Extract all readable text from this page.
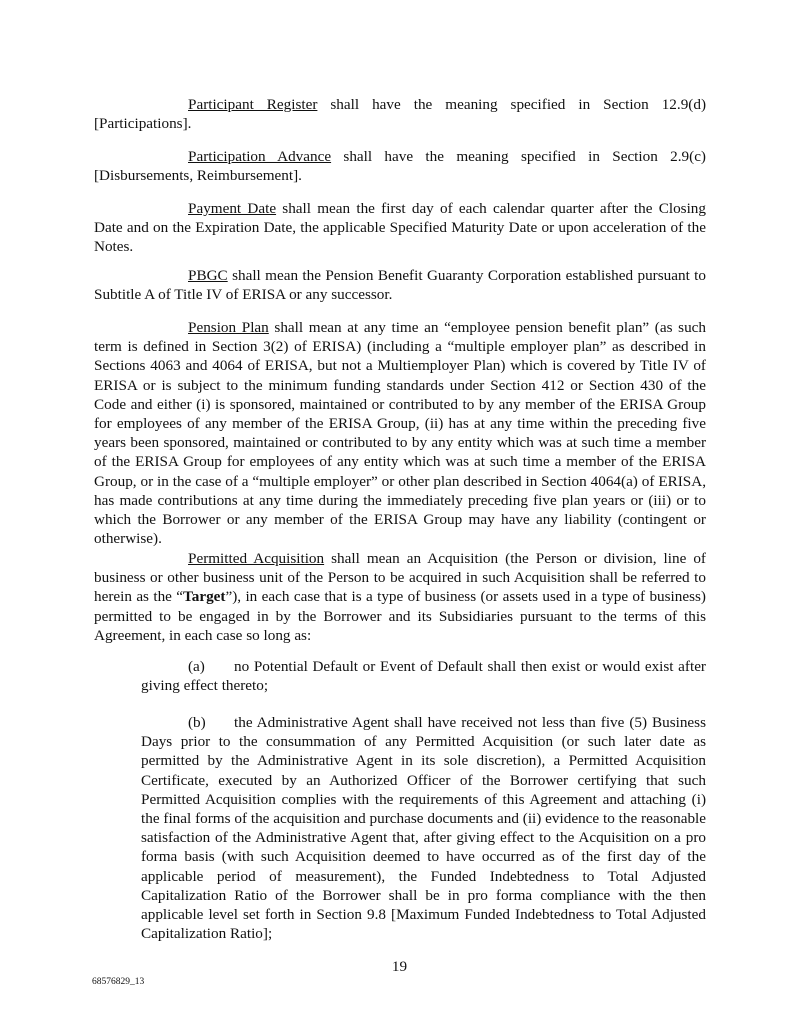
Participant Register shall have the meaning specified in Section 12.9(d) [Participations].

Participation Advance shall have the meaning specified in Section 2.9(c) [Disbursements, Reimbursement].

Payment Date shall mean the first day of each calendar quarter after the Closing Date and on the Expiration Date, the applicable Specified Maturity Date or upon acceleration of the Notes.

PBGC shall mean the Pension Benefit Guaranty Corporation established pursuant to Subtitle A of Title IV of ERISA or any successor.

Pension Plan shall mean at any time an “employee pension benefit plan” (as such term is defined in Section 3(2) of ERISA) (including a “multiple employer plan” as described in Sections 4063 and 4064 of ERISA, but not a Multiemployer Plan) which is covered by Title IV of ERISA or is subject to the minimum funding standards under Section 412 or Section 430 of the Code and either (i) is sponsored, maintained or contributed to by any member of the ERISA Group for employees of any member of the ERISA Group, (ii) has at any time within the preceding five years been sponsored, maintained or contributed to by any entity which was at such time a member of the ERISA Group for employees of any entity which was at such time a member of the ERISA Group, or in the case of a “multiple employer” or other plan described in Section 4064(a) of ERISA, has made contributions at any time during the immediately preceding five plan years or (iii) or to which the Borrower or any member of the ERISA Group may have any liability (contingent or otherwise).

Permitted Acquisition shall mean an Acquisition (the Person or division, line of business or other business unit of the Person to be acquired in such Acquisition shall be referred to herein as the “Target”), in each case that is a type of business (or assets used in a type of business) permitted to be engaged in by the Borrower and its Subsidiaries pursuant to the terms of this Agreement, in each case so long as:

(a) no Potential Default or Event of Default shall then exist or would exist after giving effect thereto;

(b) the Administrative Agent shall have received not less than five (5) Business Days prior to the consummation of any Permitted Acquisition (or such later date as permitted by the Administrative Agent in its sole discretion), a Permitted Acquisition Certificate, executed by an Authorized Officer of the Borrower certifying that such Permitted Acquisition complies with the requirements of this Agreement and attaching (i) the final forms of the acquisition and purchase documents and (ii) evidence to the reasonable satisfaction of the Administrative Agent that, after giving effect to the Acquisition on a pro forma basis (with such Acquisition deemed to have occurred as of the first day of the applicable period of measurement), the Funded Indebtedness to Total Adjusted Capitalization Ratio of the Borrower shall be in pro forma compliance with the then applicable level set forth in Section 9.8 [Maximum Funded Indebtedness to Total Adjusted Capitalization Ratio];

19
68576829_13
